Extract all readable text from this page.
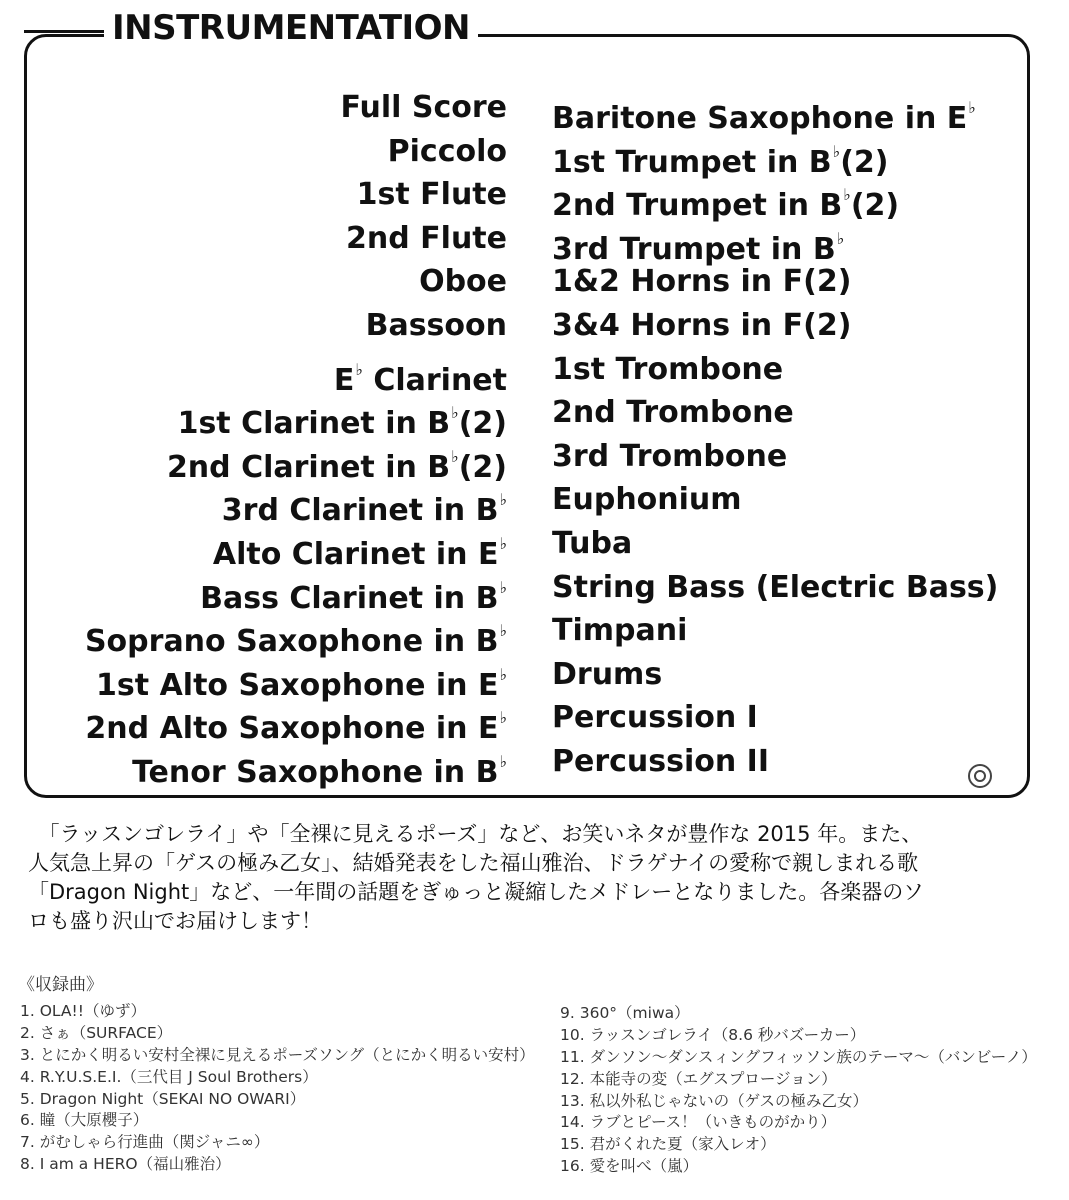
INSTRUMENTATION
Full Score
Piccolo
1st Flute
2nd Flute
Oboe
Bassoon
E♭ Clarinet
1st Clarinet in B♭(2)
2nd Clarinet in B♭(2)
3rd Clarinet in B♭
Alto Clarinet in E♭
Bass Clarinet in B♭
Soprano Saxophone in B♭
1st Alto Saxophone in E♭
2nd Alto Saxophone in E♭
Tenor Saxophone in B♭
Baritone Saxophone in E♭
1st Trumpet in B♭(2)
2nd Trumpet in B♭(2)
3rd Trumpet in B♭
1&2 Horns in F(2)
3&4 Horns in F(2)
1st Trombone
2nd Trombone
3rd Trombone
Euphonium
Tuba
String Bass (Electric Bass)
Timpani
Drums
Percussion I
Percussion II

　「ラッスンゴレライ」や「全裸に見えるポーズ」など、お笑いネタが豊作な 2015 年。また、
人気急上昇の「ゲスの極み乙女」、結婚発表をした福山雅治、ドラゲナイの愛称で親しまれる歌
「Dragon Night」など、一年間の話題をぎゅっと凝縮したメドレーとなりました。各楽器のソ
ロも盛り沢山でお届けします！

《収録曲》
1. OLA!!（ゆず）
2. さぁ（SURFACE）
3. とにかく明るい安村全裸に見えるポーズソング（とにかく明るい安村）
4. R.Y.U.S.E.I.（三代目 J Soul Brothers）
5. Dragon Night（SEKAI NO OWARI）
6. 瞳（大原櫻子）
7. がむしゃら行進曲（関ジャニ∞）
8. I am a HERO（福山雅治）
9. 360°（miwa）
10. ラッスンゴレライ（8.6 秒バズーカー）
11. ダンソン〜ダンスィングフィッソン族のテーマ〜（バンビーノ）
12. 本能寺の変（エグスプロージョン）
13. 私以外私じゃないの（ゲスの極み乙女）
14. ラブとピース！（いきものがかり）
15. 君がくれた夏（家入レオ）
16. 愛を叫べ（嵐）
